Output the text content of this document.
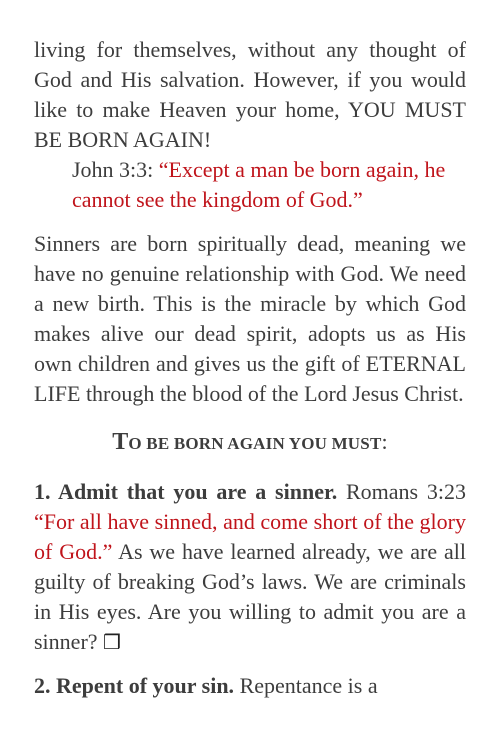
living for themselves, without any thought of God and His salvation. However, if you would like to make Heaven your home, YOU MUST BE BORN AGAIN!

John 3:3: “Except a man be born again, he cannot see the kingdom of God.”

Sinners are born spiritually dead, meaning we have no genuine relationship with God. We need a new birth. This is the miracle by which God makes alive our dead spirit, adopts us as His own children and gives us the gift of ETERNAL LIFE through the blood of the Lord Jesus Christ.

TO BE BORN AGAIN YOU MUST:

1. Admit that you are a sinner. Romans 3:23 “For all have sinned, and come short of the glory of God.” As we have learned already, we are all guilty of breaking God’s laws. We are criminals in His eyes. Are you willing to admit you are a sinner? ❒

2. Repent of your sin. Repentance is a
